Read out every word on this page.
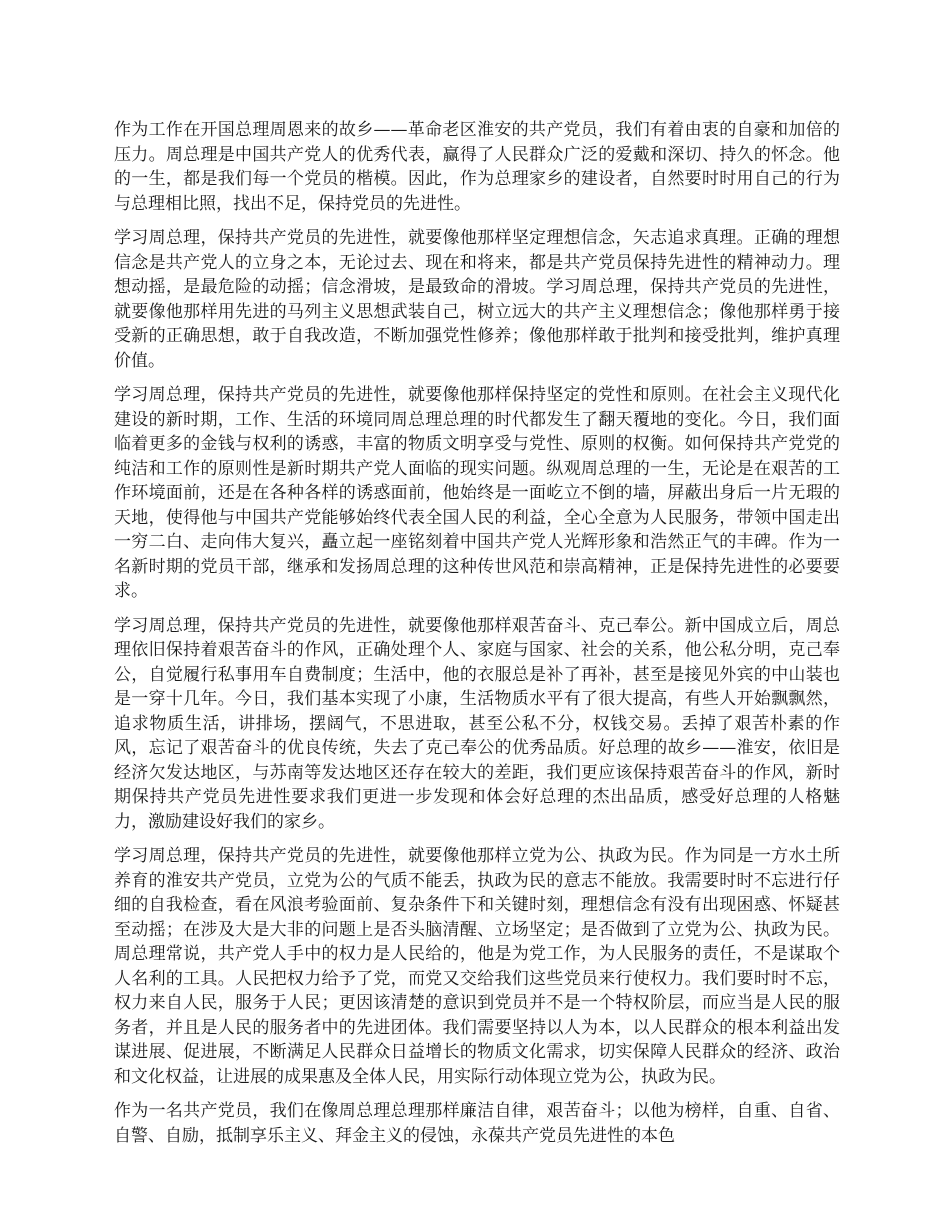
作为工作在开国总理周恩来的故乡——革命老区淮安的共产党员，我们有着由衷的自豪和加倍的压力。周总理是中国共产党人的优秀代表，赢得了人民群众广泛的爱戴和深切、持久的怀念。他的一生，都是我们每一个党员的楷模。因此，作为总理家乡的建设者，自然要时时用自己的行为与总理相比照，找出不足，保持党员的先进性。

学习周总理，保持共产党员的先进性，就要像他那样坚定理想信念，矢志追求真理。正确的理想信念是共产党人的立身之本，无论过去、现在和将来，都是共产党员保持先进性的精神动力。理想动摇，是最危险的动摇；信念滑坡，是最致命的滑坡。学习周总理，保持共产党员的先进性，就要像他那样用先进的马列主义思想武装自己，树立远大的共产主义理想信念；像他那样勇于接受新的正确思想，敢于自我改造，不断加强党性修养；像他那样敢于批判和接受批判，维护真理价值。

学习周总理，保持共产党员的先进性，就要像他那样保持坚定的党性和原则。在社会主义现代化建设的新时期，工作、生活的环境同周总理总理的时代都发生了翻天覆地的变化。今日，我们面临着更多的金钱与权利的诱惑，丰富的物质文明享受与党性、原则的权衡。如何保持共产党党的纯洁和工作的原则性是新时期共产党人面临的现实问题。纵观周总理的一生，无论是在艰苦的工作环境面前，还是在各种各样的诱惑面前，他始终是一面屹立不倒的墙，屏蔽出身后一片无瑕的天地，使得他与中国共产党能够始终代表全国人民的利益，全心全意为人民服务，带领中国走出一穷二白、走向伟大复兴，矗立起一座铭刻着中国共产党人光辉形象和浩然正气的丰碑。作为一名新时期的党员干部，继承和发扬周总理的这种传世风范和崇高精神，正是保持先进性的必要要求。

学习周总理，保持共产党员的先进性，就要像他那样艰苦奋斗、克己奉公。新中国成立后，周总理依旧保持着艰苦奋斗的作风，正确处理个人、家庭与国家、社会的关系，他公私分明，克己奉公，自觉履行私事用车自费制度；生活中，他的衣服总是补了再补，甚至是接见外宾的中山装也是一穿十几年。今日，我们基本实现了小康，生活物质水平有了很大提高，有些人开始飘飘然，追求物质生活，讲排场，摆阔气，不思进取，甚至公私不分，权钱交易。丢掉了艰苦朴素的作风，忘记了艰苦奋斗的优良传统，失去了克己奉公的优秀品质。好总理的故乡——淮安，依旧是经济欠发达地区，与苏南等发达地区还存在较大的差距，我们更应该保持艰苦奋斗的作风，新时期保持共产党员先进性要求我们更进一步发现和体会好总理的杰出品质，感受好总理的人格魅力，激励建设好我们的家乡。

学习周总理，保持共产党员的先进性，就要像他那样立党为公、执政为民。作为同是一方水土所养育的淮安共产党员，立党为公的气质不能丢，执政为民的意志不能放。我需要时时不忘进行仔细的自我检查，看在风浪考验面前、复杂条件下和关键时刻，理想信念有没有出现困惑、怀疑甚至动摇；在涉及大是大非的问题上是否头脑清醒、立场坚定；是否做到了立党为公、执政为民。周总理常说，共产党人手中的权力是人民给的，他是为党工作，为人民服务的责任，不是谋取个人名利的工具。人民把权力给予了党，而党又交给我们这些党员来行使权力。我们要时时不忘，权力来自人民，服务于人民；更因该清楚的意识到党员并不是一个特权阶层，而应当是人民的服务者，并且是人民的服务者中的先进团体。我们需要坚持以人为本，以人民群众的根本利益出发谋进展、促进展，不断满足人民群众日益增长的物质文化需求，切实保障人民群众的经济、政治和文化权益，让进展的成果惠及全体人民，用实际行动体现立党为公，执政为民。

作为一名共产党员，我们在像周总理总理那样廉洁自律，艰苦奋斗；以他为榜样，自重、自省、自警、自励，抵制享乐主义、拜金主义的侵蚀，永葆共产党员先进性的本色
